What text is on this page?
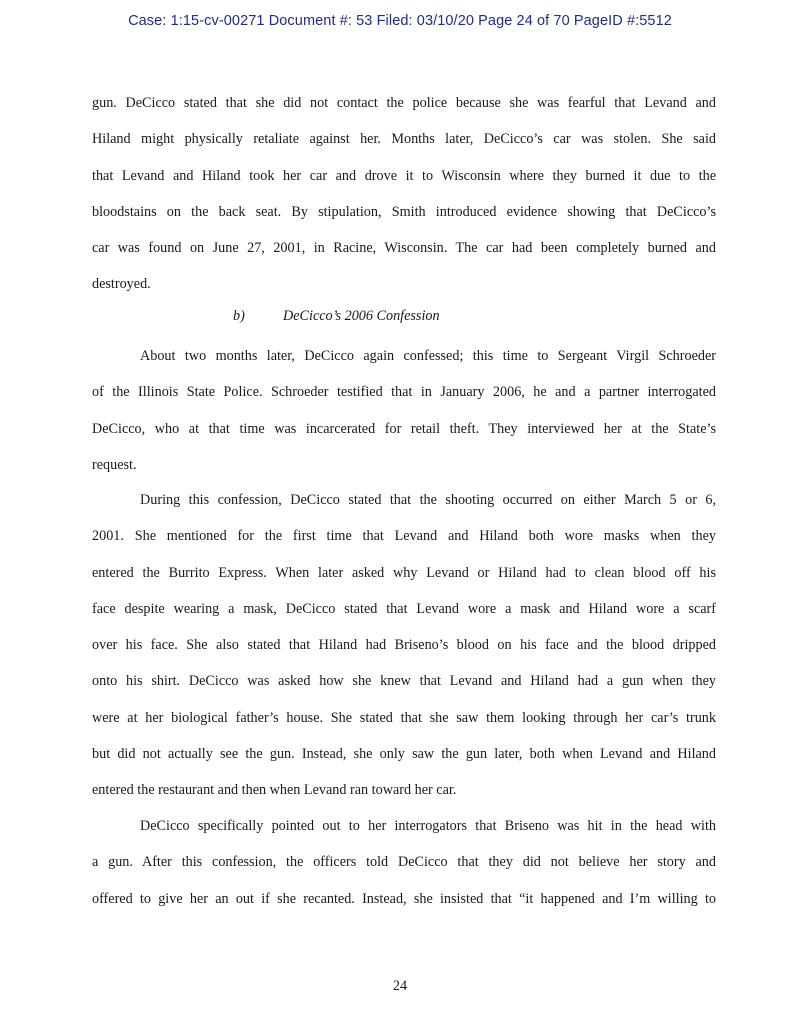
Case: 1:15-cv-00271 Document #: 53 Filed: 03/10/20 Page 24 of 70 PageID #:5512
gun. DeCicco stated that she did not contact the police because she was fearful that Levand and
Hiland might physically retaliate against her. Months later, DeCicco’s car was stolen. She said
that Levand and Hiland took her car and drove it to Wisconsin where they burned it due to the
bloodstains on the back seat. By stipulation, Smith introduced evidence showing that DeCicco’s
car was found on June 27, 2001, in Racine, Wisconsin. The car had been completely burned and
destroyed.
b)	DeCicco’s 2006 Confession
About two months later, DeCicco again confessed; this time to Sergeant Virgil Schroeder
of the Illinois State Police. Schroeder testified that in January 2006, he and a partner interrogated
DeCicco, who at that time was incarcerated for retail theft. They interviewed her at the State’s
request.
During this confession, DeCicco stated that the shooting occurred on either March 5 or 6,
2001. She mentioned for the first time that Levand and Hiland both wore masks when they
entered the Burrito Express. When later asked why Levand or Hiland had to clean blood off his
face despite wearing a mask, DeCicco stated that Levand wore a mask and Hiland wore a scarf
over his face. She also stated that Hiland had Briseno’s blood on his face and the blood dripped
onto his shirt. DeCicco was asked how she knew that Levand and Hiland had a gun when they
were at her biological father’s house. She stated that she saw them looking through her car’s trunk
but did not actually see the gun. Instead, she only saw the gun later, both when Levand and Hiland
entered the restaurant and then when Levand ran toward her car.
DeCicco specifically pointed out to her interrogators that Briseno was hit in the head with
a gun. After this confession, the officers told DeCicco that they did not believe her story and
offered to give her an out if she recanted. Instead, she insisted that “it happened and I’m willing to
24
